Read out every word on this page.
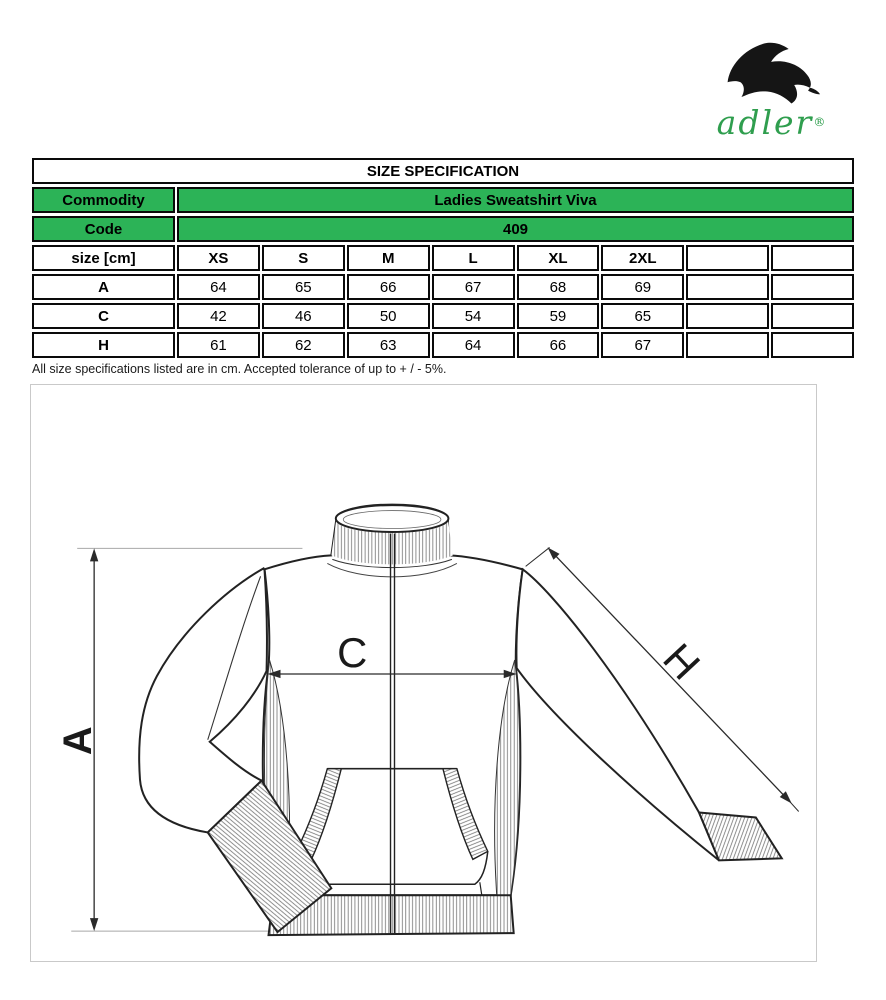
adler®
SIZE SPECIFICATION								
Commodity	Ladies Sweatshirt Viva							
Code	409							
size [cm]	XS	S	M	L	XL	2XL		
A	64	65	66	67	68	69		
C	42	46	50	54	59	65		
H	61	62	63	64	66	67		
All size specifications listed are in cm. Accepted tolerance of up to + / - 5%.
A
C	H
